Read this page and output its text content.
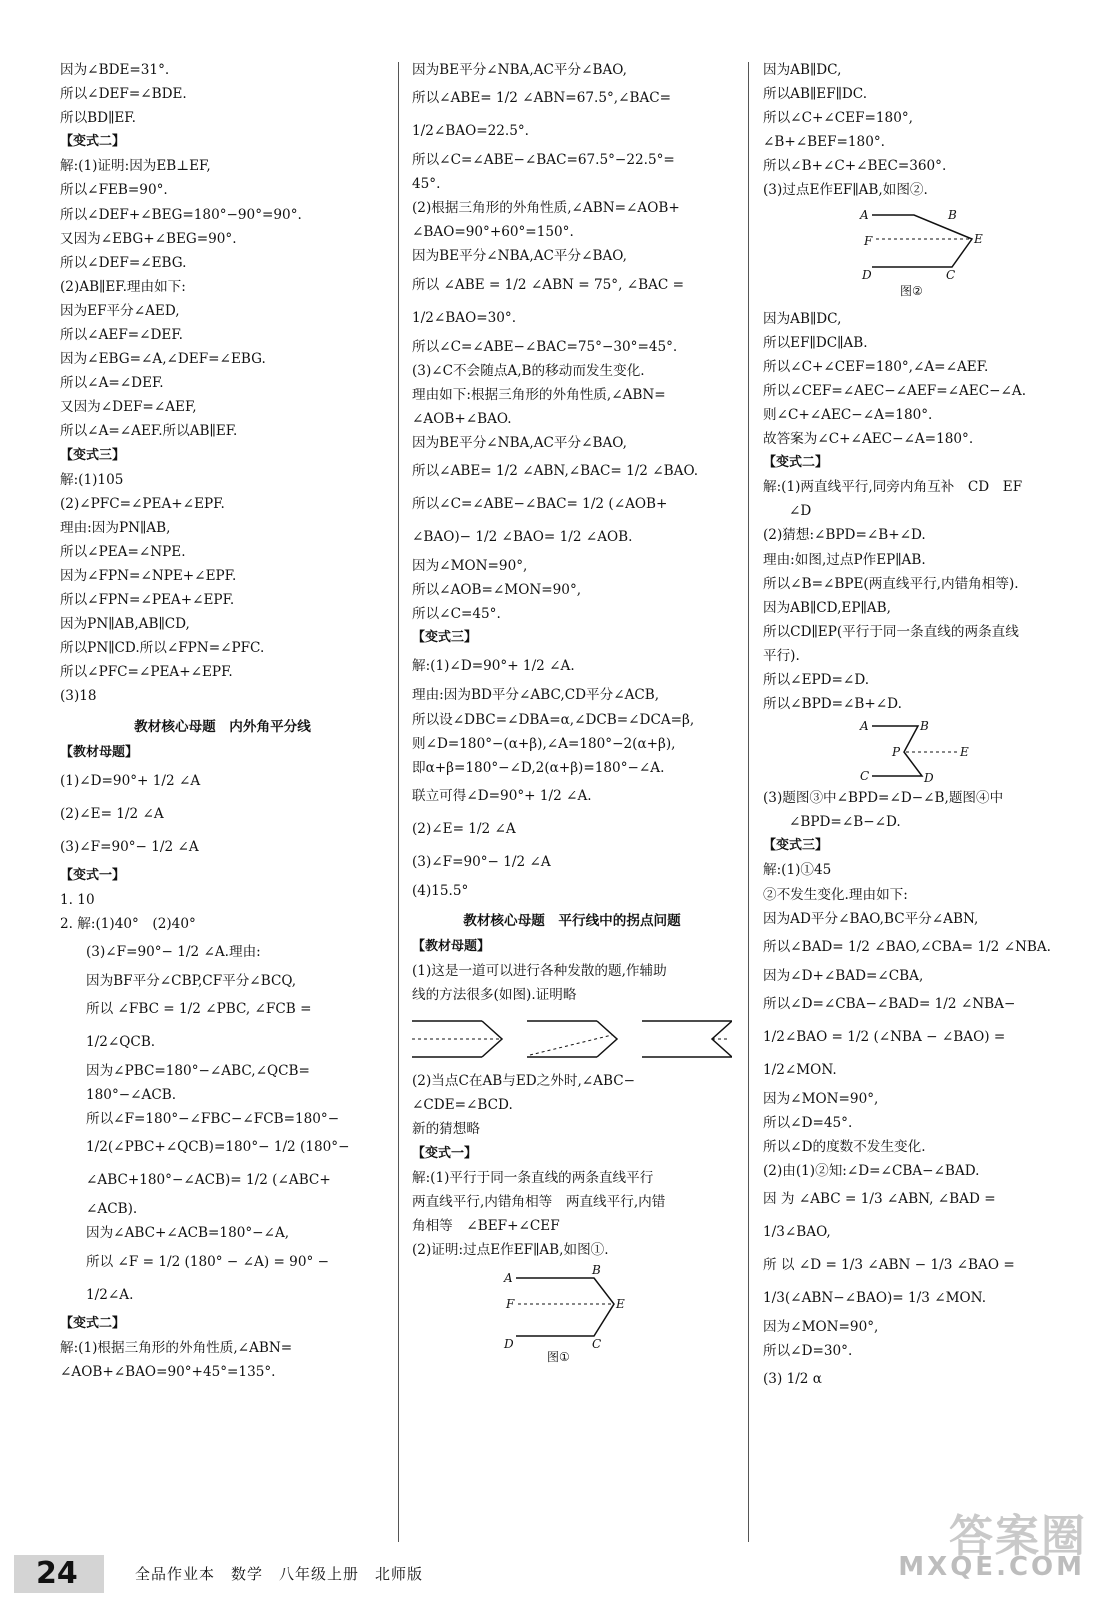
因为∠BDE=31°.
所以∠DEF=∠BDE.
所以BD∥EF.
【变式二】
解:(1)证明:因为EB⊥EF,
所以∠FEB=90°.
所以∠DEF+∠BEG=180°−90°=90°.
又因为∠EBG+∠BEG=90°.
所以∠DEF=∠EBG.
(2)AB∥EF.理由如下:
因为EF平分∠AED,
所以∠AEF=∠DEF.
因为∠EBG=∠A,∠DEF=∠EBG.
所以∠A=∠DEF.
又因为∠DEF=∠AEF,
所以∠A=∠AEF.所以AB∥EF.
【变式三】
解:(1)105
(2)∠PFC=∠PEA+∠EPF.
理由:因为PN∥AB,
所以∠PEA=∠NPE.
因为∠FPN=∠NPE+∠EPF.
所以∠FPN=∠PEA+∠EPF.
因为PN∥AB,AB∥CD,
所以PN∥CD.所以∠FPN=∠PFC.
所以∠PFC=∠PEA+∠EPF.
(3)18
教材核心母题　内外角平分线
【教材母题】
(1)∠D=90°+ 1/2 ∠A
(2)∠E= 1/2 ∠A
(3)∠F=90°− 1/2 ∠A
【变式一】
1. 10
2. 解:(1)40°　(2)40°
(3)∠F=90°− 1/2 ∠A.理由:
因为BF平分∠CBP,CF平分∠BCQ,
所以 ∠FBC = 1/2 ∠PBC, ∠FCB =
1/2∠QCB.
因为∠PBC=180°−∠ABC,∠QCB=
180°−∠ACB.
所以∠F=180°−∠FBC−∠FCB=180°−
1/2(∠PBC+∠QCB)=180°− 1/2 (180°−
∠ABC+180°−∠ACB)= 1/2 (∠ABC+
∠ACB).
因为∠ABC+∠ACB=180°−∠A,
所以 ∠F = 1/2 (180° − ∠A) = 90° −
1/2∠A.
【变式二】
解:(1)根据三角形的外角性质,∠ABN=
∠AOB+∠BAO=90°+45°=135°.
因为BE平分∠NBA,AC平分∠BAO,
所以∠ABE= 1/2 ∠ABN=67.5°,∠BAC=
1/2∠BAO=22.5°.
所以∠C=∠ABE−∠BAC=67.5°−22.5°=
45°.
(2)根据三角形的外角性质,∠ABN=∠AOB+
∠BAO=90°+60°=150°.
因为BE平分∠NBA,AC平分∠BAO,
所以 ∠ABE = 1/2 ∠ABN = 75°, ∠BAC =
1/2∠BAO=30°.
所以∠C=∠ABE−∠BAC=75°−30°=45°.
(3)∠C不会随点A,B的移动而发生变化.
理由如下:根据三角形的外角性质,∠ABN=
∠AOB+∠BAO.
因为BE平分∠NBA,AC平分∠BAO,
所以∠ABE= 1/2 ∠ABN,∠BAC= 1/2 ∠BAO.
所以∠C=∠ABE−∠BAC= 1/2 (∠AOB+
∠BAO)− 1/2 ∠BAO= 1/2 ∠AOB.
因为∠MON=90°,
所以∠AOB=∠MON=90°,
所以∠C=45°.
【变式三】
解:(1)∠D=90°+ 1/2 ∠A.
理由:因为BD平分∠ABC,CD平分∠ACB,
所以设∠DBC=∠DBA=α,∠DCB=∠DCA=β,
则∠D=180°−(α+β),∠A=180°−2(α+β),
即α+β=180°−∠D,2(α+β)=180°−∠A.
联立可得∠D=90°+ 1/2 ∠A.
(2)∠E= 1/2 ∠A
(3)∠F=90°− 1/2 ∠A
(4)15.5°
教材核心母题　平行线中的拐点问题
【教材母题】
(1)这是一道可以进行各种发散的题,作辅助
线的方法很多(如图).证明略
(2)当点C在AB与ED之外时,∠ABC−
∠CDE=∠BCD.
新的猜想略
【变式一】
解:(1)平行于同一条直线的两条直线平行
两直线平行,内错角相等　两直线平行,内错
角相等　∠BEF+∠CEF
(2)证明:过点E作EF∥AB,如图①.
A
B
E
F
D	C
图①
因为AB∥DC,
所以AB∥EF∥DC.
所以∠C+∠CEF=180°,
∠B+∠BEF=180°.
所以∠B+∠C+∠BEC=360°.
(3)过点E作EF∥AB,如图②.
A	B
E
F
D	C
图②
因为AB∥DC,
所以EF∥DC∥AB.
所以∠C+∠CEF=180°,∠A=∠AEF.
所以∠CEF=∠AEC−∠AEF=∠AEC−∠A.
则∠C+∠AEC−∠A=180°.
故答案为∠C+∠AEC−∠A=180°.
【变式二】
解:(1)两直线平行,同旁内角互补　CD　EF
∠D
(2)猜想:∠BPD=∠B+∠D.
理由:如图,过点P作EP∥AB.
所以∠B=∠BPE(两直线平行,内错角相等).
因为AB∥CD,EP∥AB,
所以CD∥EP(平行于同一条直线的两条直线
平行).
所以∠EPD=∠D.
所以∠BPD=∠B+∠D.
A	B
P	E
C	D
(3)题图③中∠BPD=∠D−∠B,题图④中
∠BPD=∠B−∠D.
【变式三】
解:(1)①45
②不发生变化.理由如下:
因为AD平分∠BAO,BC平分∠ABN,
所以∠BAD= 1/2 ∠BAO,∠CBA= 1/2 ∠NBA.
因为∠D+∠BAD=∠CBA,
所以∠D=∠CBA−∠BAD= 1/2 ∠NBA−
1/2∠BAO = 1/2 (∠NBA − ∠BAO) =
1/2∠MON.
因为∠MON=90°,
所以∠D=45°.
所以∠D的度数不发生变化.
(2)由(1)②知:∠D=∠CBA−∠BAD.
因 为 ∠ABC = 1/3 ∠ABN, ∠BAD =
1/3∠BAO,
所 以 ∠D = 1/3 ∠ABN − 1/3 ∠BAO =
1/3(∠ABN−∠BAO)= 1/3 ∠MON.
因为∠MON=90°,
所以∠D=30°.
(3) 1/2 α
24	全品作业本　数学　八年级上册　北师版
答案圈
MXQE.COM
